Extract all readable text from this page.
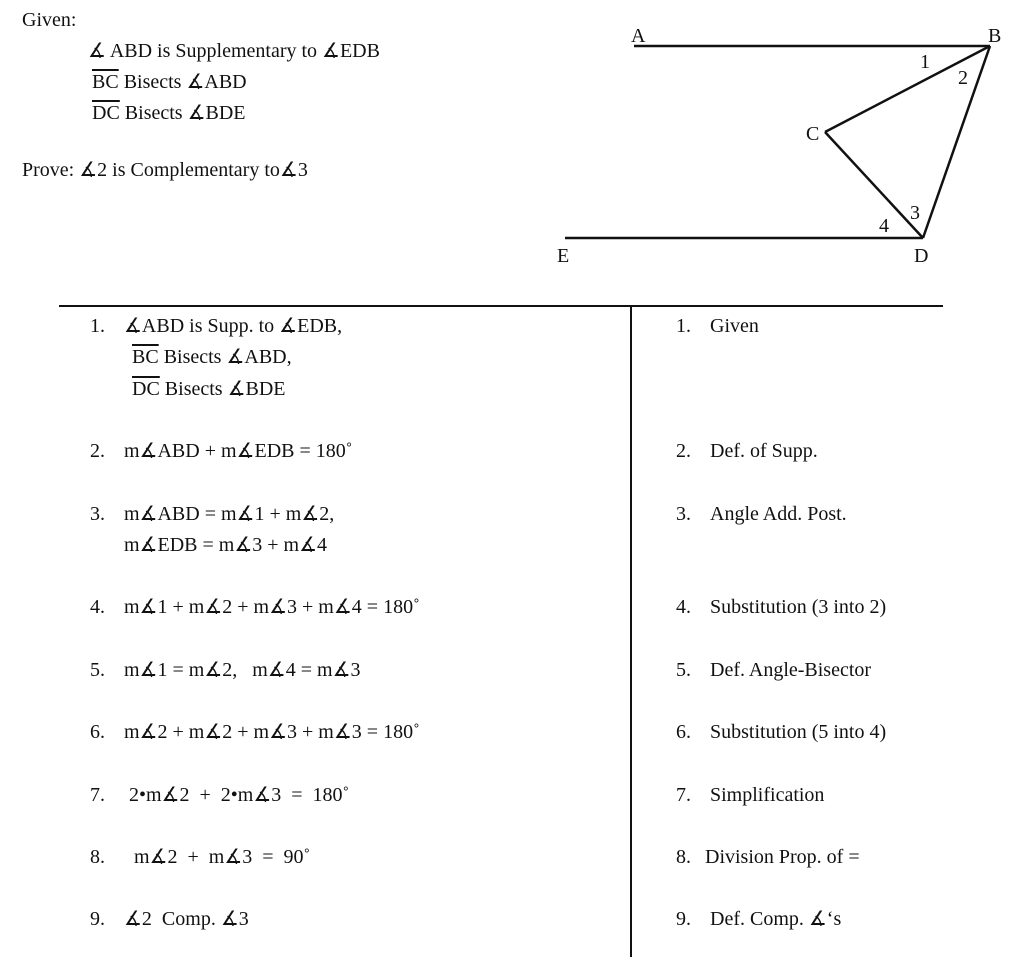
Given:
∡ ABD is Supplementary to ∡EDB
$\overline{BC}$ Bisects ∡ABD
$\overline{DC}$ Bisects ∡BDE
Prove: ∡2 is Complementary to∡3
A	B
C
D
E
1
2
3
4
1. ∡ABD is Supp. to ∡EDB,
$\overline{BC}$ Bisects ∡ABD,
$\overline{DC}$ Bisects ∡BDE
2. m∡ABD + m∡EDB = 180˚
3. m∡ABD = m∡1 + m∡2,
m∡EDB = m∡3 + m∡4
4. m∡1 + m∡2 + m∡3 + m∡4 = 180˚
5. m∡1 = m∡2,   m∡4 = m∡3
6. m∡2 + m∡2 + m∡3 + m∡3 = 180˚
7. 2•m∡2  +  2•m∡3  =  180˚
8.  m∡2  +  m∡3  =  90˚
9. ∡2  Comp. ∡3
1. Given
2. Def. of Supp.
3. Angle Add. Post.
4. Substitution (3 into 2)
5. Def. Angle-Bisector
6. Substitution (5 into 4)
7. Simplification
8. Division Prop. of =
9. Def. Comp. ∡‘s
